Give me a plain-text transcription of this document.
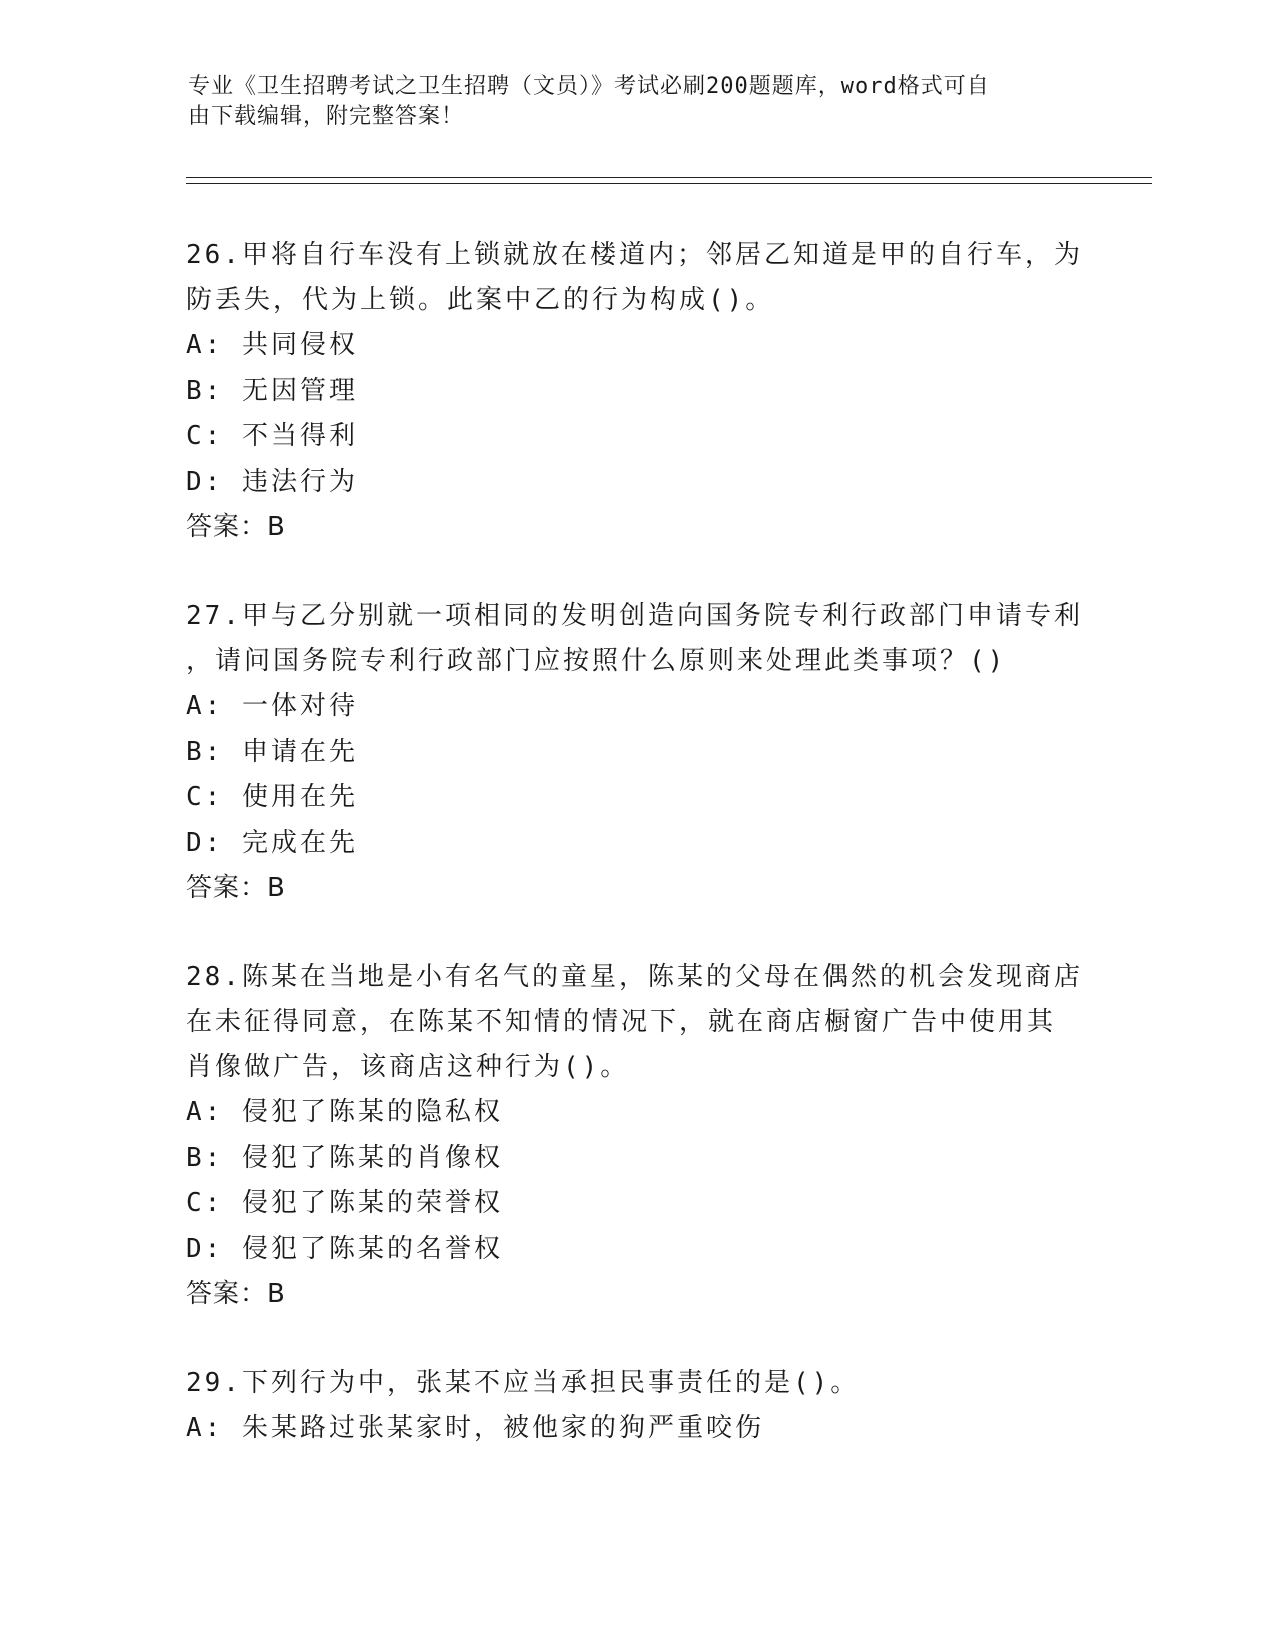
专业《卫生招聘考试之卫生招聘（文员）》考试必刷200题题库，word格式可自
由下载编辑，附完整答案！
26.甲将自行车没有上锁就放在楼道内；邻居乙知道是甲的自行车，为
防丢失，代为上锁。此案中乙的行为构成()。
A: 共同侵权
B: 无因管理
C: 不当得利
D: 违法行为
答案：B
27.甲与乙分别就一项相同的发明创造向国务院专利行政部门申请专利
，请问国务院专利行政部门应按照什么原则来处理此类事项？()
A: 一体对待
B: 申请在先
C: 使用在先
D: 完成在先
答案：B
28.陈某在当地是小有名气的童星，陈某的父母在偶然的机会发现商店
在未征得同意，在陈某不知情的情况下，就在商店橱窗广告中使用其
肖像做广告，该商店这种行为()。
A: 侵犯了陈某的隐私权
B: 侵犯了陈某的肖像权
C: 侵犯了陈某的荣誉权
D: 侵犯了陈某的名誉权
答案：B
29.下列行为中，张某不应当承担民事责任的是()。
A: 朱某路过张某家时，被他家的狗严重咬伤
